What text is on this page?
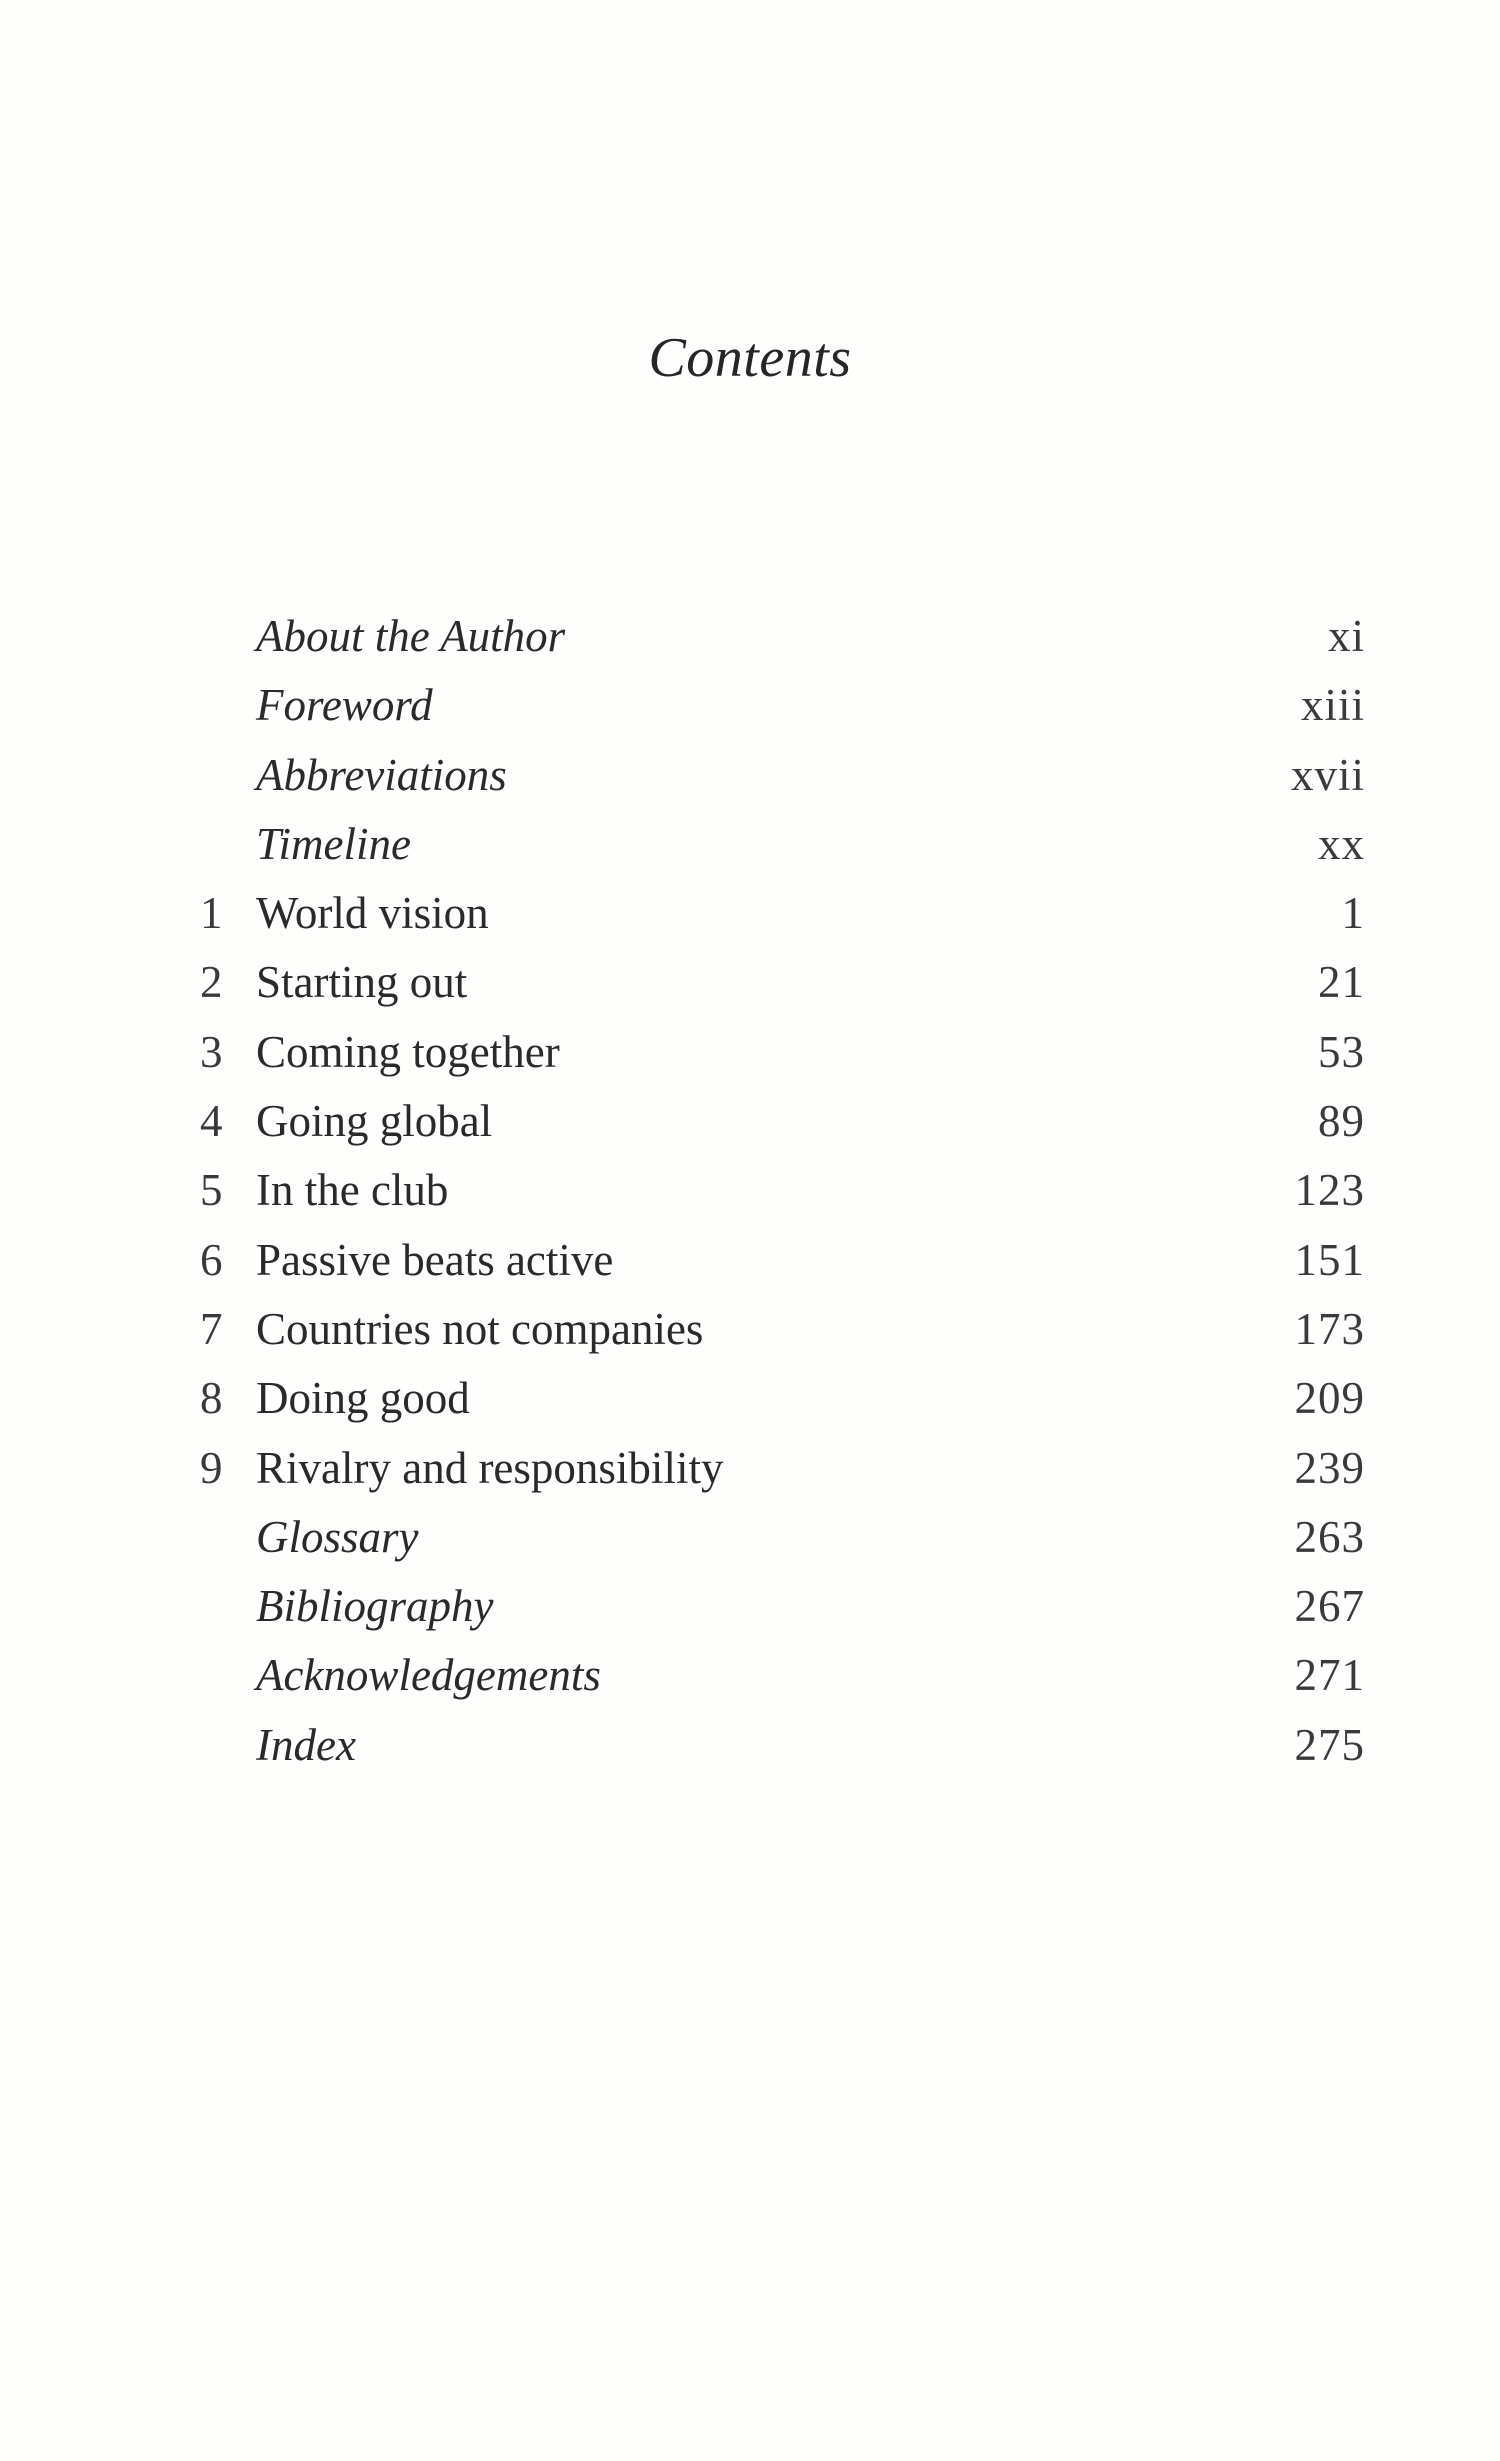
Contents
About the Author	xi
Foreword	xiii
Abbreviations	xvii
Timeline	xx
1 World vision	1
2 Starting out	21
3 Coming together	53
4 Going global	89
5 In the club	123
6 Passive beats active	151
7 Countries not companies	173
8 Doing good	209
9 Rivalry and responsibility	239
Glossary	263
Bibliography	267
Acknowledgements	271
Index	275
